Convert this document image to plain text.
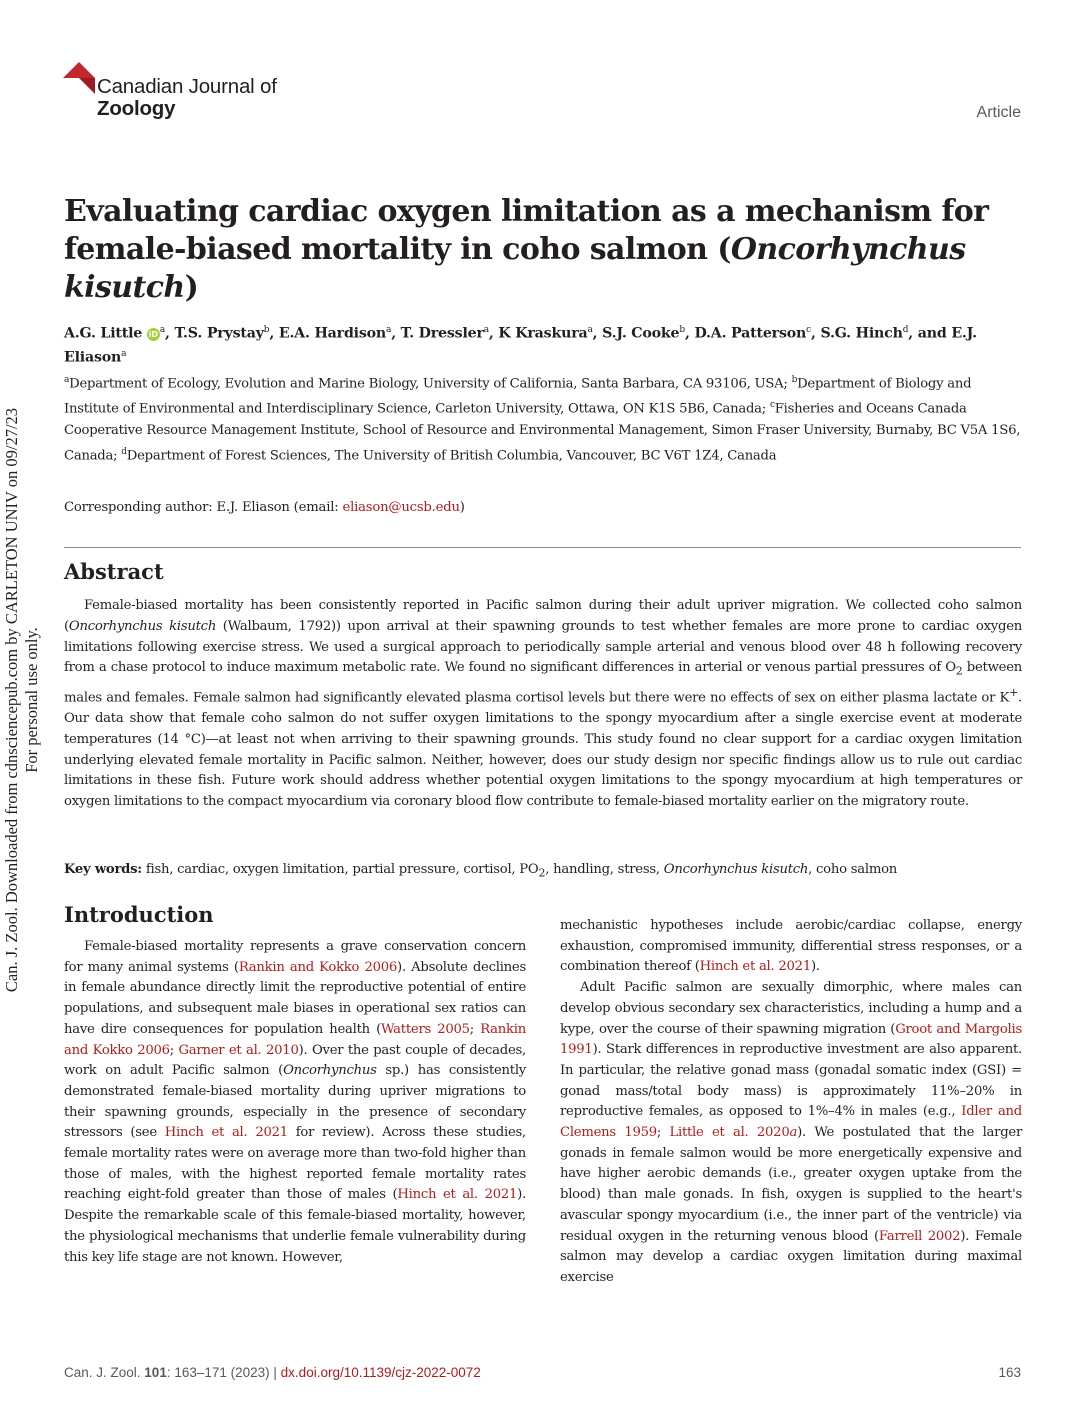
Can. J. Zool. Downloaded from cdnsciencepub.com by CARLETON UNIV on 09/27/23 For personal use only.
Canadian Journal of
Zoology	Article
Evaluating cardiac oxygen limitation as a mechanism for female-biased mortality in coho salmon (Oncorhynchus kisutch)
A.G. Little iD $^a$, T.S. Prystay$^b$, E.A. Hardison$^a$, T. Dressler$^a$, K Kraskura$^a$, S.J. Cooke$^b$, D.A. Patterson$^c$, S.G. Hinch$^d$, and E.J. Eliason$^a$
$^a$Department of Ecology, Evolution and Marine Biology, University of California, Santa Barbara, CA 93106, USA; $^b$Department of Biology and Institute of Environmental and Interdisciplinary Science, Carleton University, Ottawa, ON K1S 5B6, Canada; $^c$Fisheries and Oceans Canada Cooperative Resource Management Institute, School of Resource and Environmental Management, Simon Fraser University, Burnaby, BC V5A 1S6, Canada; $^d$Department of Forest Sciences, The University of British Columbia, Vancouver, BC V6T 1Z4, Canada
Corresponding author: E.J. Eliason (email: eliason@ucsb.edu)
Abstract

Female-biased mortality has been consistently reported in Pacific salmon during their adult upriver migration. We collected coho salmon (Oncorhynchus kisutch (Walbaum, 1792)) upon arrival at their spawning grounds to test whether females are more prone to cardiac oxygen limitations following exercise stress. We used a surgical approach to periodically sample arterial and venous blood over 48 h following recovery from a chase protocol to induce maximum metabolic rate. We found no significant differences in arterial or venous partial pressures of $O_2$ between males and females. Female salmon had significantly elevated plasma cortisol levels but there were no effects of sex on either plasma lactate or K+. Our data show that female coho salmon do not suffer oxygen limitations to the spongy myocardium after a single exercise event at moderate temperatures (14 °C)—at least not when arriving to their spawning grounds. This study found no clear support for a cardiac oxygen limitation underlying elevated female mortality in Pacific salmon. Neither, however, does our study design nor specific findings allow us to rule out cardiac limitations in these fish. Future work should address whether potential oxygen limitations to the spongy myocardium at high temperatures or oxygen limitations to the compact myocardium via coronary blood flow contribute to female-biased mortality earlier on the migratory route.

Key words: fish, cardiac, oxygen limitation, partial pressure, cortisol, $PO_2$, handling, stress, Oncorhynchus kisutch, coho salmon
Introduction

Female-biased mortality represents a grave conservation concern for many animal systems (Rankin and Kokko 2006). Absolute declines in female abundance directly limit the reproductive potential of entire populations, and subsequent male biases in operational sex ratios can have dire consequences for population health (Watters 2005; Rankin and Kokko 2006; Garner et al. 2010). Over the past couple of decades, work on adult Pacific salmon (Oncorhynchus sp.) has consistently demonstrated female-biased mortality during upriver migrations to their spawning grounds, especially in the presence of secondary stressors (see Hinch et al. 2021 for review). Across these studies, female mortality rates were on average more than two-fold higher than those of males, with the highest reported female mortality rates reaching eight-fold greater than those of males (Hinch et al. 2021). Despite the remarkable scale of this female-biased mortality, however, the physiological mechanisms that underlie female vulnerability during this key life stage are not known. However,

mechanistic hypotheses include aerobic/cardiac collapse, energy exhaustion, compromised immunity, differential stress responses, or a combination thereof (Hinch et al. 2021).

Adult Pacific salmon are sexually dimorphic, where males can develop obvious secondary sex characteristics, including a hump and a kype, over the course of their spawning migration (Groot and Margolis 1991). Stark differences in reproductive investment are also apparent. In particular, the relative gonad mass (gonadal somatic index (GSI) = gonad mass/total body mass) is approximately 11%–20% in reproductive females, as opposed to 1%–4% in males (e.g., Idler and Clemens 1959; Little et al. 2020a). We postulated that the larger gonads in female salmon would be more energetically expensive and have higher aerobic demands (i.e., greater oxygen uptake from the blood) than male gonads. In fish, oxygen is supplied to the heart's avascular spongy myocardium (i.e., the inner part of the ventricle) via residual oxygen in the returning venous blood (Farrell 2002). Female salmon may develop a cardiac oxygen limitation during maximal exercise

Can. J. Zool. 101: 163–171 (2023) | dx.doi.org/10.1139/cjz-2022-0072	163
